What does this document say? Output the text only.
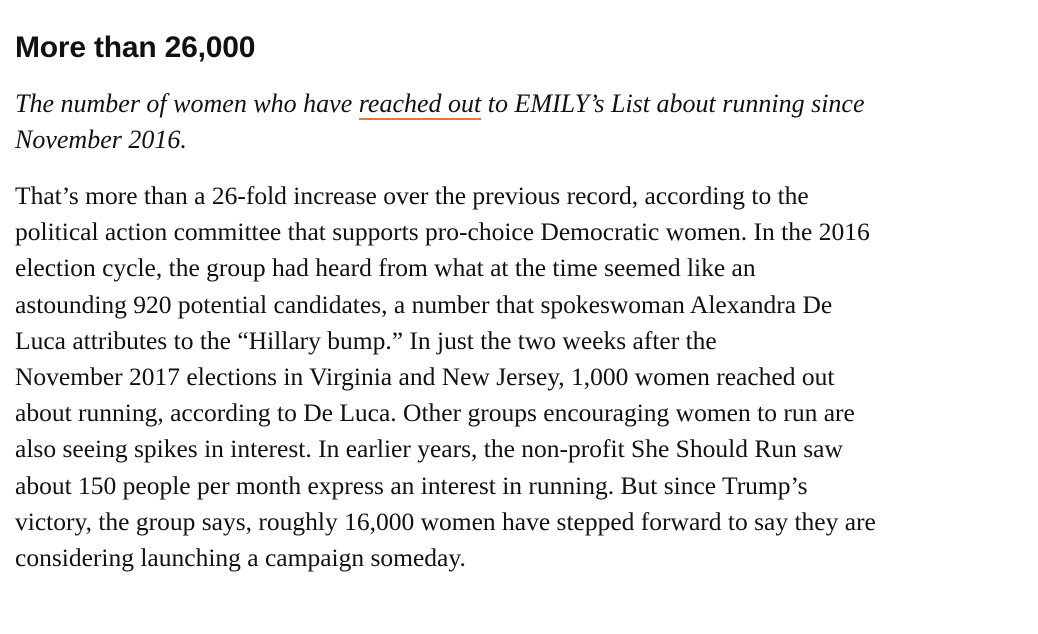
More than 26,000

The number of women who have reached out to EMILY’s List about running since
November 2016.

That’s more than a 26-fold increase over the previous record, according to the
political action committee that supports pro-choice Democratic women. In the 2016
election cycle, the group had heard from what at the time seemed like an
astounding 920 potential candidates, a number that spokeswoman Alexandra De
Luca attributes to the “Hillary bump.” In just the two weeks after the
November 2017 elections in Virginia and New Jersey, 1,000 women reached out
about running, according to De Luca. Other groups encouraging women to run are
also seeing spikes in interest. In earlier years, the non-profit She Should Run saw
about 150 people per month express an interest in running. But since Trump’s
victory, the group says, roughly 16,000 women have stepped forward to say they are
considering launching a campaign someday.
